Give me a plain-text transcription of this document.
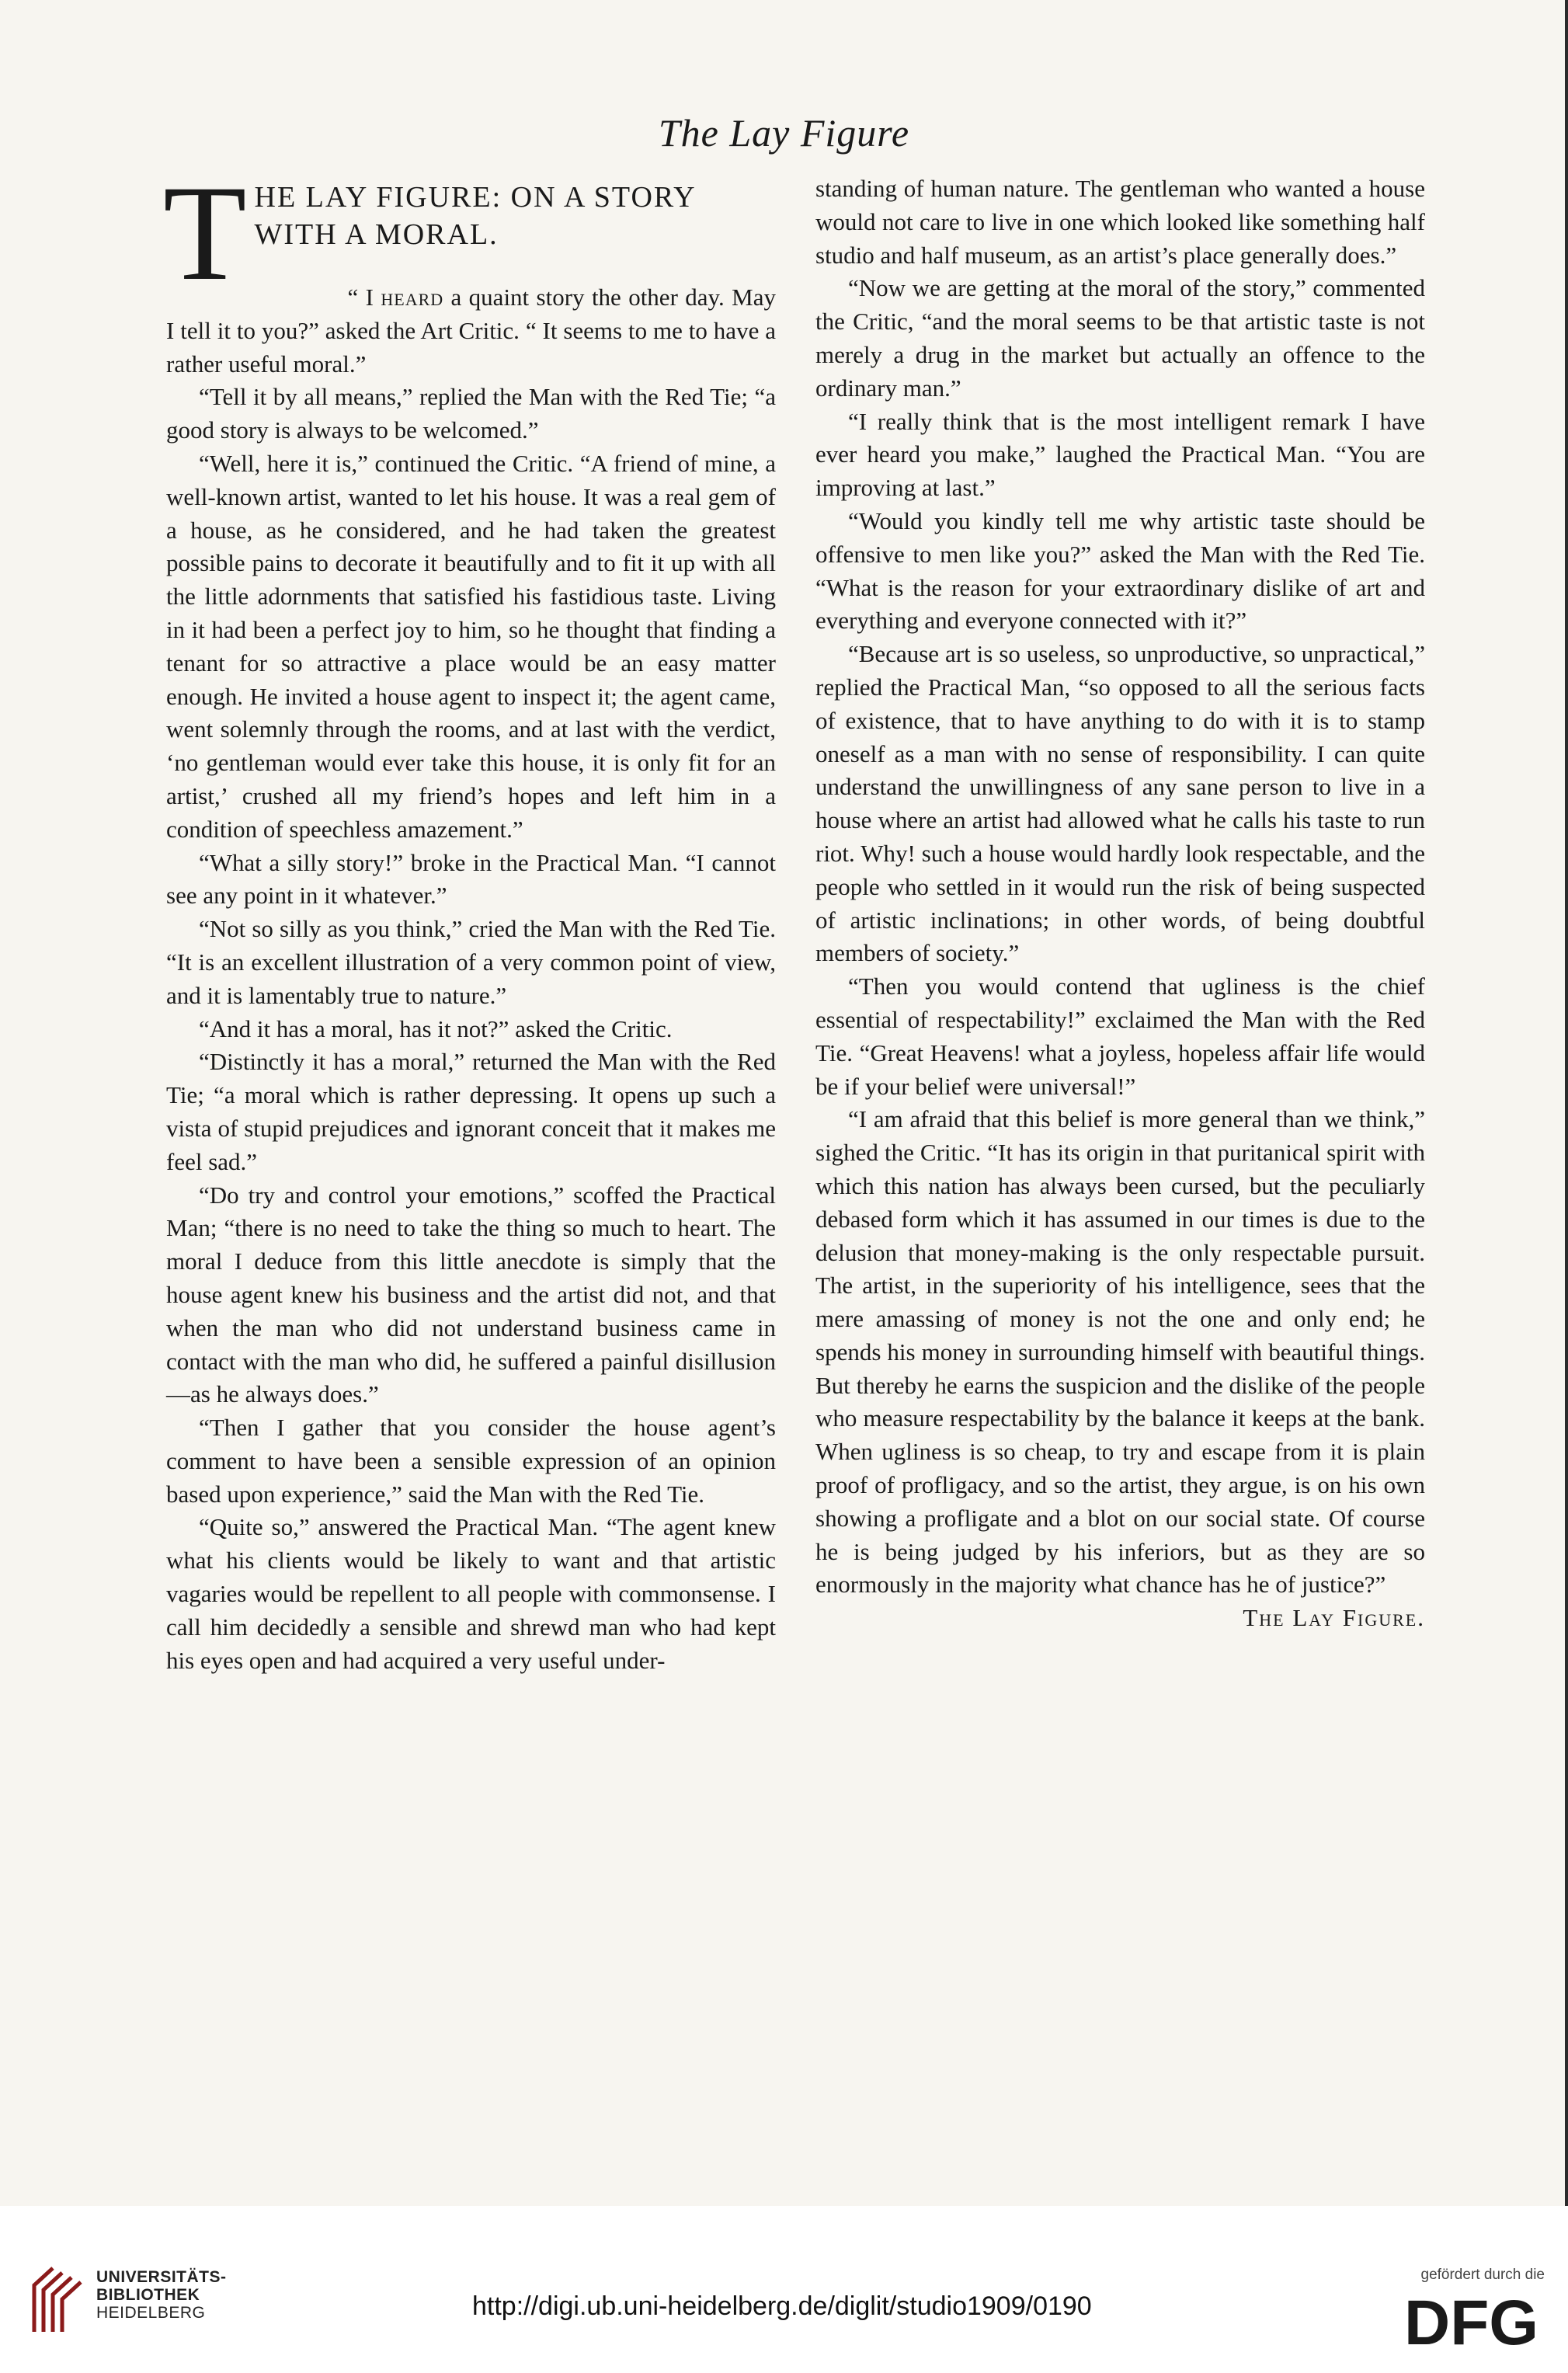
The Lay Figure
T HE LAY FIGURE: ON A STORY
WITH A MORAL.

“ I heard a quaint story the other day. May I tell it to you?” asked the Art Critic. “ It seems to me to have a rather useful moral.”

“Tell it by all means,” replied the Man with the Red Tie; “a good story is always to be welcomed.”

“Well, here it is,” continued the Critic. “A friend of mine, a well-known artist, wanted to let his house. It was a real gem of a house, as he considered, and he had taken the greatest possible pains to decorate it beautifully and to fit it up with all the little adornments that satisfied his fastidious taste. Living in it had been a perfect joy to him, so he thought that finding a tenant for so attractive a place would be an easy matter enough. He invited a house agent to inspect it; the agent came, went solemnly through the rooms, and at last with the verdict, ‘no gentleman would ever take this house, it is only fit for an artist,’ crushed all my friend’s hopes and left him in a condition of speechless amazement.”

“What a silly story!” broke in the Practical Man. “I cannot see any point in it whatever.”

“Not so silly as you think,” cried the Man with the Red Tie. “It is an excellent illustration of a very common point of view, and it is lamentably true to nature.”

“And it has a moral, has it not?” asked the Critic.

“Distinctly it has a moral,” returned the Man with the Red Tie; “a moral which is rather depressing. It opens up such a vista of stupid prejudices and ignorant conceit that it makes me feel sad.”

“Do try and control your emotions,” scoffed the Practical Man; “there is no need to take the thing so much to heart. The moral I deduce from this little anecdote is simply that the house agent knew his business and the artist did not, and that when the man who did not understand business came in contact with the man who did, he suffered a painful disillusion—as he always does.”

“Then I gather that you consider the house agent’s comment to have been a sensible expression of an opinion based upon experience,” said the Man with the Red Tie.

“Quite so,” answered the Practical Man. “The agent knew what his clients would be likely to want and that artistic vagaries would be repellent to all people with commonsense. I call him decidedly a sensible and shrewd man who had kept his eyes open and had acquired a very useful under-

standing of human nature. The gentleman who wanted a house would not care to live in one which looked like something half studio and half museum, as an artist’s place generally does.”

“Now we are getting at the moral of the story,” commented the Critic, “and the moral seems to be that artistic taste is not merely a drug in the market but actually an offence to the ordinary man.”

“I really think that is the most intelligent remark I have ever heard you make,” laughed the Practical Man. “You are improving at last.”

“Would you kindly tell me why artistic taste should be offensive to men like you?” asked the Man with the Red Tie. “What is the reason for your extraordinary dislike of art and everything and everyone connected with it?”

“Because art is so useless, so unproductive, so unpractical,” replied the Practical Man, “so opposed to all the serious facts of existence, that to have anything to do with it is to stamp oneself as a man with no sense of responsibility. I can quite understand the unwillingness of any sane person to live in a house where an artist had allowed what he calls his taste to run riot. Why! such a house would hardly look respectable, and the people who settled in it would run the risk of being suspected of artistic inclinations; in other words, of being doubtful members of society.”

“Then you would contend that ugliness is the chief essential of respectability!” exclaimed the Man with the Red Tie. “Great Heavens! what a joyless, hopeless affair life would be if your belief were universal!”

“I am afraid that this belief is more general than we think,” sighed the Critic. “It has its origin in that puritanical spirit with which this nation has always been cursed, but the peculiarly debased form which it has assumed in our times is due to the delusion that money-making is the only respectable pursuit. The artist, in the superiority of his intelligence, sees that the mere amassing of money is not the one and only end; he spends his money in surrounding himself with beautiful things. But thereby he earns the suspicion and the dislike of the people who measure respectability by the balance it keeps at the bank. When ugliness is so cheap, to try and escape from it is plain proof of profligacy, and so the artist, they argue, is on his own showing a profligate and a blot on our social state. Of course he is being judged by his inferiors, but as they are so enormously in the majority what chance has he of justice?”

The Lay Figure.

UNIVERSITÄTS-
BIBLIOTHEK
HEIDELBERG	http://digi.ub.uni-heidelberg.de/diglit/studio1909/0190
gefördert durch die
DFG
